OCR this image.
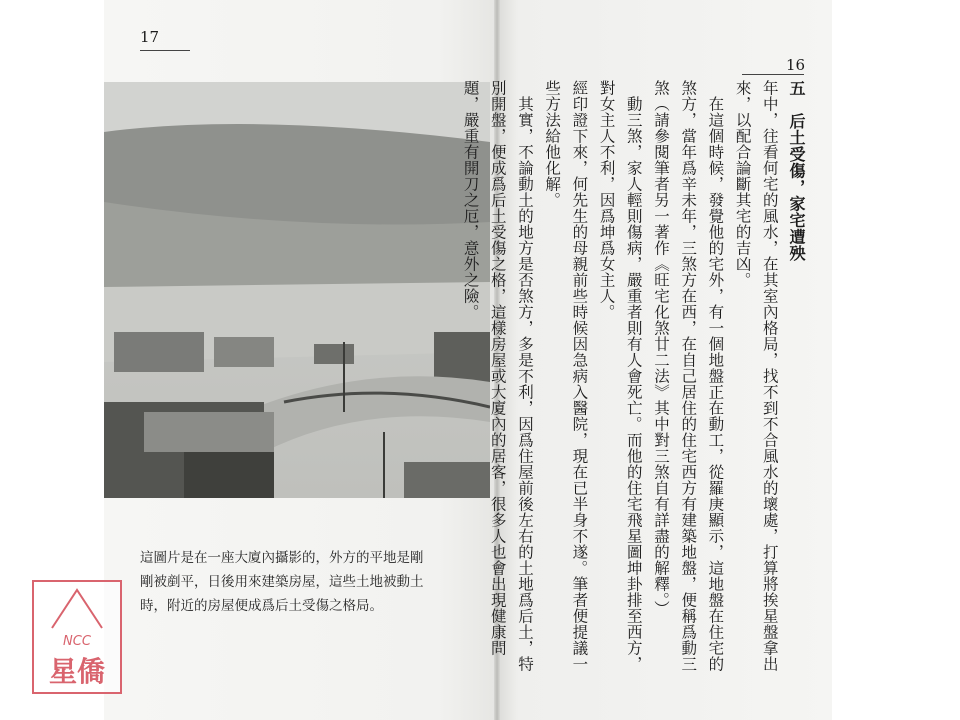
17
16

這圖片是在一座大廈內攝影的，外方的平地是剛

剛被剷平，日後用來建築房屋，這些土地被動土

時，附近的房屋便成爲后土受傷之格局。

五　后土受傷，家宅遭殃

年中，往看何宅的風水，在其室內格局，找不到不合風水的壞處，打算將挨星盤拿出來，以配合論斷其宅的吉凶。

在這個時候，發覺他的宅外，有一個地盤正在動工，從羅庚顯示，這地盤在住宅的煞方，當年爲辛未年，三煞方在西，在自己居住的住宅西方有建築地盤，便稱爲動三煞（請參閱筆者另一著作《旺宅化煞廿二法》其中對三煞自有詳盡的解釋。）

動三煞，家人輕則傷病，嚴重者則有人會死亡。而他的住宅飛星圖坤卦排至西方，對女主人不利，因爲坤爲女主人。

經印證下來，何先生的母親前些時候因急病入醫院，現在已半身不遂。筆者便提議一些方法給他化解。

其實，不論動土的地方是否煞方，多是不利，因爲住屋前後左右的土地爲后土，特別開盤，便成爲后土受傷之格，這樣房屋或大廈內的居客，很多人也會出現健康問題，嚴重有開刀之厄，意外之險。

NCC
星僑
